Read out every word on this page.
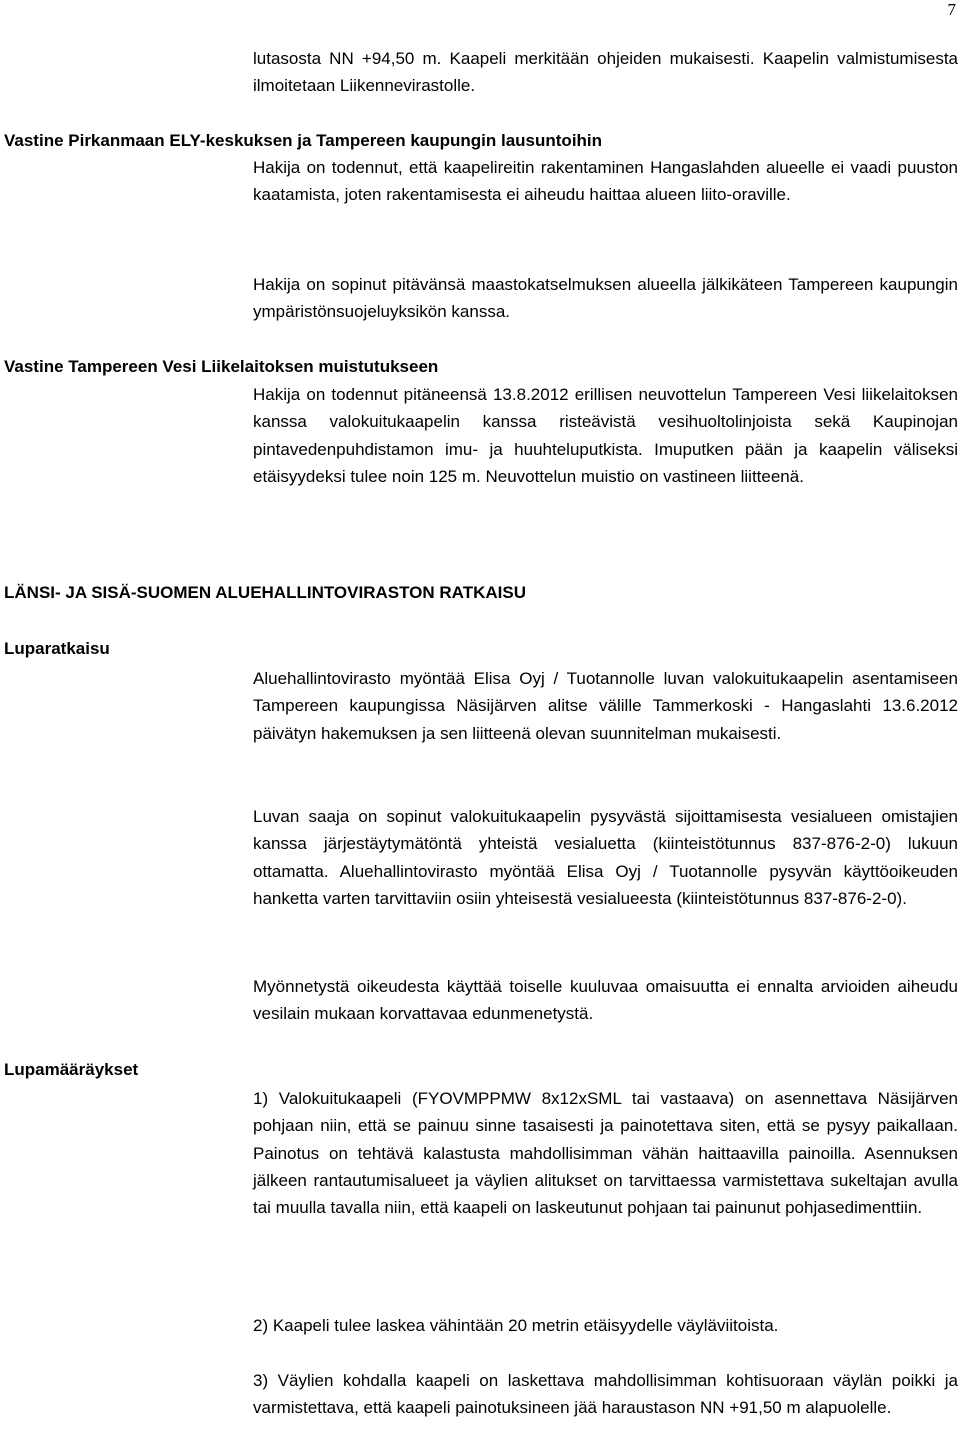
7

lutasosta NN +94,50 m. Kaapeli merkitään ohjeiden mukaisesti. Kaapelin valmistumisesta ilmoitetaan Liikennevirastolle.

Vastine Pirkanmaan ELY-keskuksen ja Tampereen kaupungin lausuntoihin

Hakija on todennut, että kaapelireitin rakentaminen Hangaslahden alueelle ei vaadi puuston kaatamista, joten rakentamisesta ei aiheudu haittaa alueen liito-oraville.

Hakija on sopinut pitävänsä maastokatselmuksen alueella jälkikäteen Tampereen kaupungin ympäristönsuojeluyksikön kanssa.

Vastine Tampereen Vesi Liikelaitoksen muistutukseen

Hakija on todennut pitäneensä 13.8.2012 erillisen neuvottelun Tampereen Vesi liikelaitoksen kanssa valokuitukaapelin kanssa risteävistä vesihuoltolinjoista sekä Kaupinojan pintavedenpuhdistamon imu- ja huuhteluputkista. Imuputken pään ja kaapelin väliseksi etäisyydeksi tulee noin 125 m. Neuvottelun muistio on vastineen liitteenä.

LÄNSI- JA SISÄ-SUOMEN ALUEHALLINTOVIRASTON RATKAISU
Luparatkaisu

Aluehallintovirasto myöntää Elisa Oyj / Tuotannolle luvan valokuitukaapelin asentamiseen Tampereen kaupungissa Näsijärven alitse välille Tammerkoski - Hangaslahti 13.6.2012 päivätyn hakemuksen ja sen liitteenä olevan suunnitelman mukaisesti.

Luvan saaja on sopinut valokuitukaapelin pysyvästä sijoittamisesta vesialueen omistajien kanssa järjestäytymätöntä yhteistä vesialuetta (kiinteistötunnus 837-876-2-0) lukuun ottamatta. Aluehallintovirasto myöntää Elisa Oyj / Tuotannolle pysyvän käyttöoikeuden hanketta varten tarvittaviin osiin yhteisestä vesialueesta (kiinteistötunnus 837-876-2-0).

Myönnetystä oikeudesta käyttää toiselle kuuluvaa omaisuutta ei ennalta arvioiden aiheudu vesilain mukaan korvattavaa edunmenetystä.

Lupamääräykset

1) Valokuitukaapeli (FYOVMPPMW 8x12xSML tai vastaava) on asennettava Näsijärven pohjaan niin, että se painuu sinne tasaisesti ja painotettava siten, että se pysyy paikallaan. Painotus on tehtävä kalastusta mahdollisimman vähän haittaavilla painoilla. Asennuksen jälkeen rantautumisalueet ja väylien alitukset on tarvittaessa varmistettava sukeltajan avulla tai muulla tavalla niin, että kaapeli on laskeutunut pohjaan tai painunut pohjasedimenttiin.

2) Kaapeli tulee laskea vähintään 20 metrin etäisyydelle väyläviitoista.

3) Väylien kohdalla kaapeli on laskettava mahdollisimman kohtisuoraan väylän poikki ja varmistettava, että kaapeli painotuksineen jää haraustason NN +91,50 m alapuolelle.
